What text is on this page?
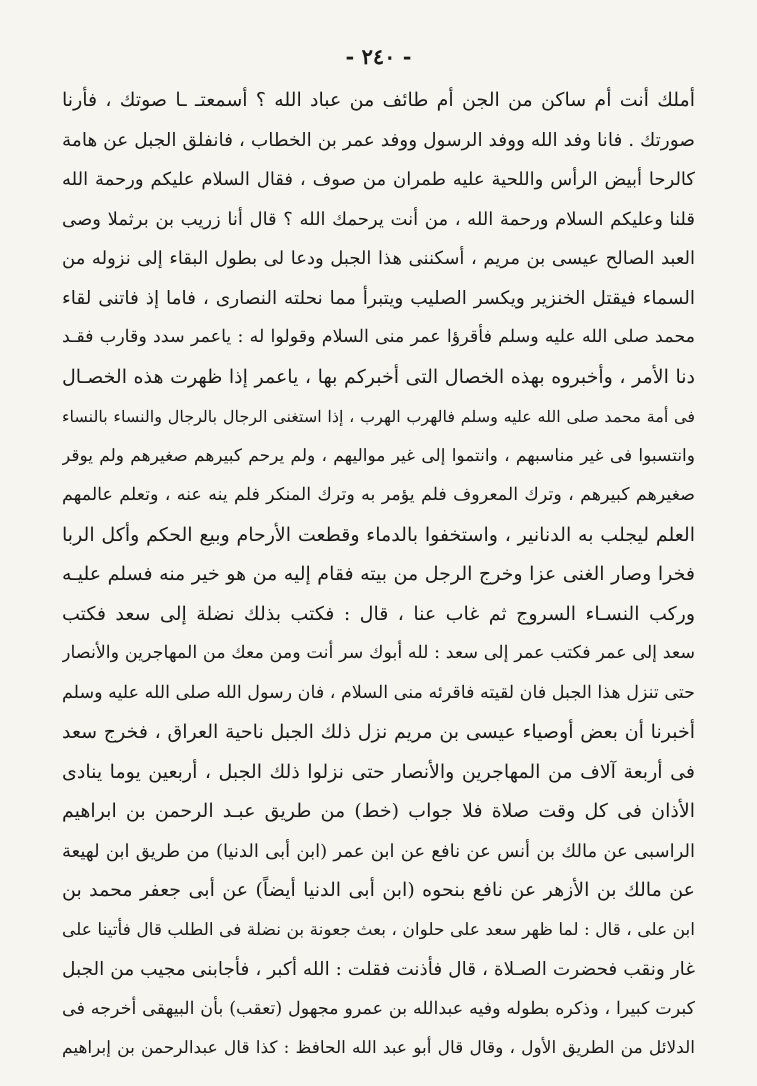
- ٢٤٠ -
أملك أنت أم ساكن من الجن أم طائف من عباد الله ؟ أسمعتـ ـا صوتك ، فأرنا
صورتك . فانا وفد الله ووفد الرسول ووفد عمر بن الخطاب ، فانفلق الجبل عن هامة
كالرحا أبيض الرأس واللحية عليه طمران من صوف ، فقال السلام عليكم ورحمة الله
قلنا وعليكم السلام ورحمة الله ، من أنت يرحمك الله ؟ قال أنا زريب بن برثملا وصى
العبد الصالح عيسى بن مريم ، أسكننى هذا الجبل ودعا لى بطول البقاء إلى نزوله من
السماء فيقتل الخنزير ويكسر الصليب ويتبرأ مما نحلته النصارى ، فاما إذ فاتنى لقاء
محمد صلى الله عليه وسلم فأقرؤا عمر منى السلام وقولوا له : ياعمر سدد وقارب فقـد
دنا الأمر ، وأخبروه بهذه الخصال التى أخبركم بها ، ياعمر إذا ظهرت هذه الخصـال
فى أمة محمد صلى الله عليه وسلم فالهرب الهرب ، إذا استغنى الرجال بالرجال والنساء بالنساء
وانتسبوا فى غير مناسبهم ، وانتموا إلى غير مواليهم ، ولم يرحم كبيرهم صغيرهم ولم يوقر
صغيرهم كبيرهم ، وترك المعروف فلم يؤمر به وترك المنكر فلم ينه عنه ، وتعلم عالمهم
العلم ليجلب به الدنانير ، واستخفوا بالدماء وقطعت الأرحام وبيع الحكم وأكل الربا
فخرا وصار الغنى عزا وخرج الرجل من بيته فقام إليه من هو خير منه فسلم عليـه
وركب النسـاء السروج ثم غاب عنا ، قال : فكتب بذلك نضلة إلى سعد فكتب
سعد إلى عمر فكتب عمر إلى سعد : لله أبوك سر أنت ومن معك من المهاجرين والأنصار
حتى تنزل هذا الجبل فان لقيته فاقرئه منى السلام ، فان رسول الله صلى الله عليه وسلم
أخبرنا أن بعض أوصياء عيسى بن مريم نزل ذلك الجبل ناحية العراق ، فخرج سعد
فى أربعة آلاف من المهاجرين والأنصار حتى نزلوا ذلك الجبل ، أربعين يوما ينادى
الأذان فى كل وقت صلاة فلا جواب (خط) من طريق عبـد الرحمن بن ابراهيم
الراسبى عن مالك بن أنس عن نافع عن ابن عمر (ابن أبى الدنيا) من طريق ابن لهيعة
عن مالك بن الأزهر عن نافع بنحوه (ابن أبى الدنيا أيضاً) عن أبى جعفر محمد بن
ابن على ، قال : لما ظهر سعد على حلوان ، بعث جعونة بن نضلة فى الطلب قال فأتينا على
غار ونقب فحضرت الصـلاة ، قال فأذنت فقلت : الله أكبر ، فأجابنى مجيب من الجبل
كبرت كبيرا ، وذكره بطوله وفيه عبدالله بن عمرو مجهول (تعقب) بأن البيهقى أخرجه فى
الدلائل من الطريق الأول ، وقال قال أبو عبد الله الحافظ : كذا قال عبدالرحمن بن إبراهيم
